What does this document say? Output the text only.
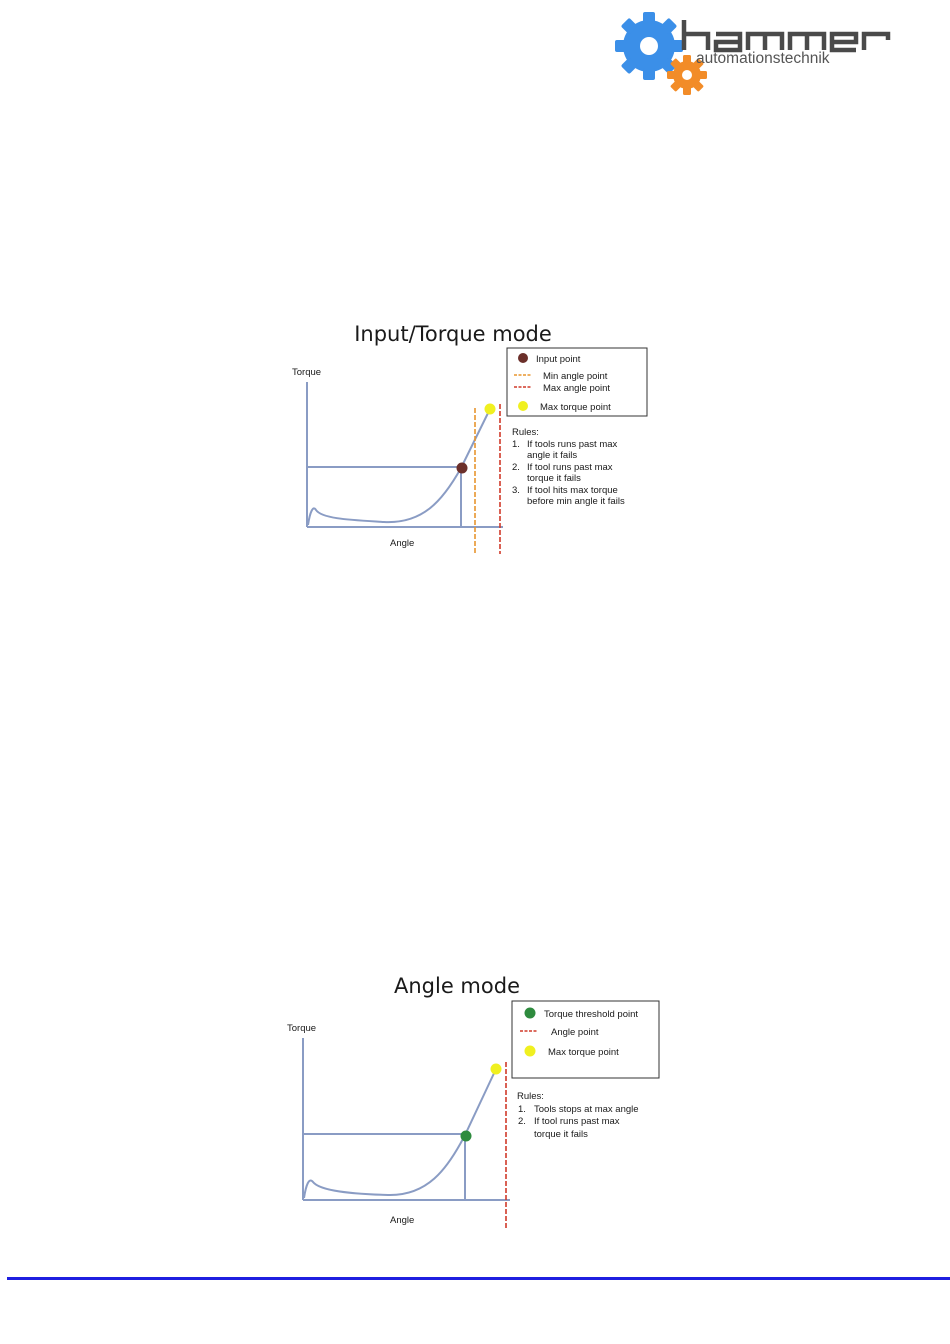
automationstechnik
Input/Torque mode
Torque
Angle
Input point
Min angle point
Max angle point
Max torque point
Rules:
1. If tools runs past max
angle it fails
2. If tool runs past max
torque it fails
3. If tool hits max torque
before min angle it fails
Angle mode
Torque
Angle
Torque threshold point
Angle point
Max torque point
Rules:
1. Tools stops at max angle
2. If tool runs past max
torque it fails
